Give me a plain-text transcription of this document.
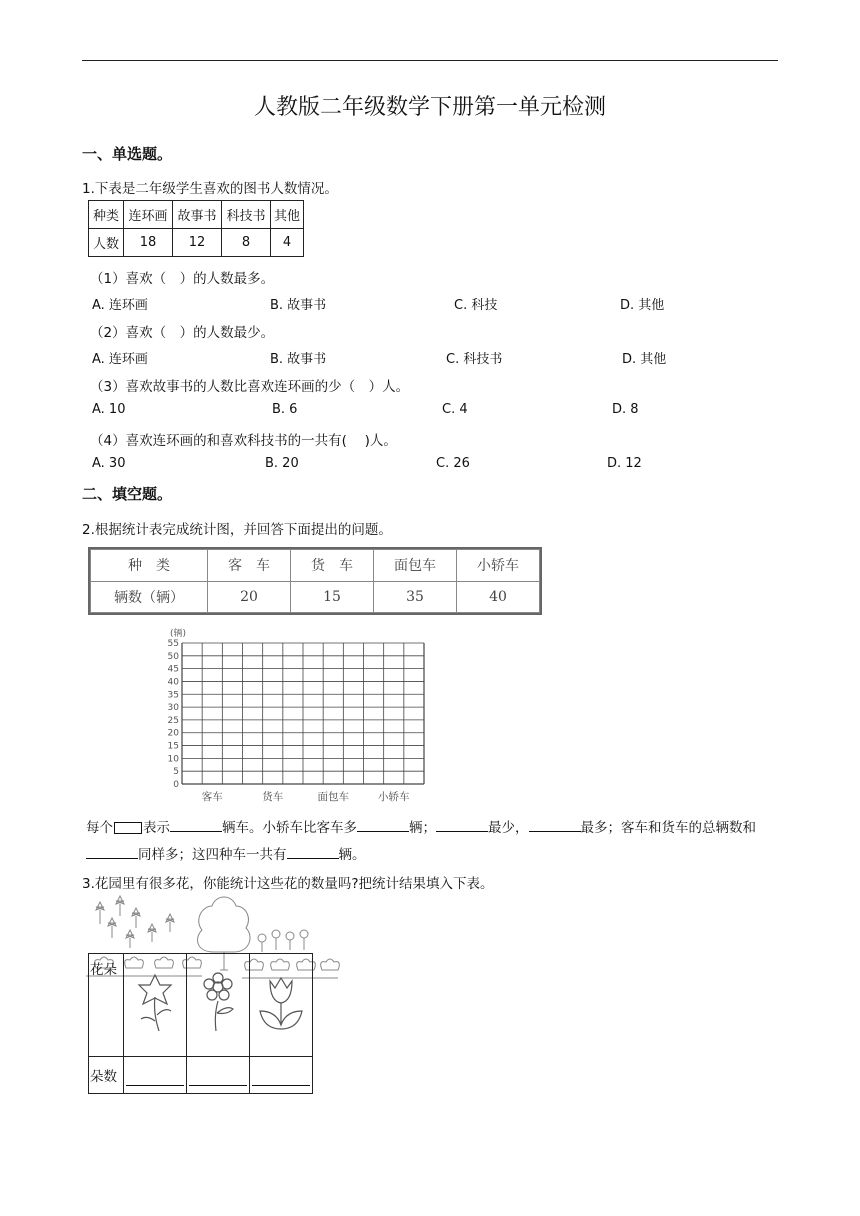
人教版二年级数学下册第一单元检测
一、单选题。
1.下表是二年级学生喜欢的图书人数情况。
种类	连环画	故事书	科技书	其他
人数	18	12	8	4
（1）喜欢（　）的人数最多。
A. 连环画	B. 故事书	C. 科技	D. 其他
（2）喜欢（　）的人数最少。
A. 连环画	B. 故事书	C. 科技书	D. 其他
（3）喜欢故事书的人数比喜欢连环画的少（　）人。
A. 10	B. 6	C. 4	D. 8
（4）喜欢连环画的和喜欢科技书的一共有(　 )人。
A. 30	B. 20	C. 26	D. 12
二、填空题。
2.根据统计表完成统计图，并回答下面提出的问题。
种　类	客　车	货　车	面包车	小轿车
辆数（辆）	20	15	35	40
0
5
10
15
20
25
30
35
40
45
50
55
(辆)
客车	货车	面包车	小轿车
每个 表示	辆车。小轿车比客车多	辆；	最少，	最多；客车和货车的总辆数和同样多；这四种车一共有	辆。
3.花园里有很多花，你能统计这些花的数量吗?把统计结果填入下表。
花朵			
朵数	
